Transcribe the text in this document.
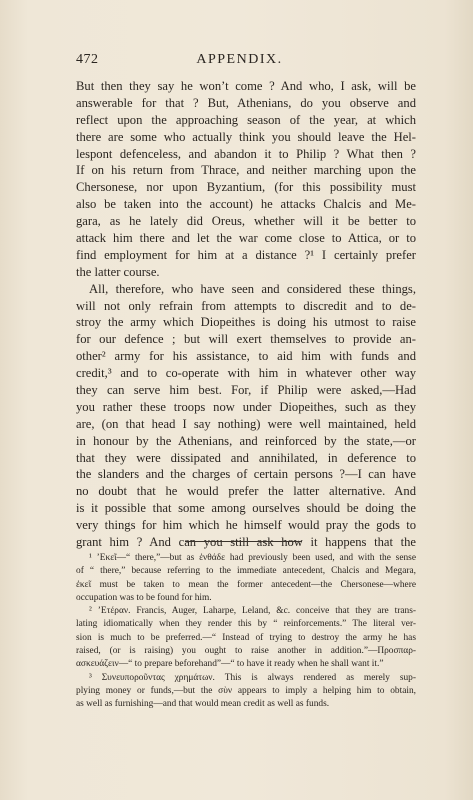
472	APPENDIX.
But then they say he won’t come ? And who, I ask, will be
answerable for that ? But, Athenians, do you observe and
reflect upon the approaching season of the year, at which
there are some who actually think you should leave the Hel-
lespont defenceless, and abandon it to Philip ? What then ?
If on his return from Thrace, and neither marching upon the
Chersonese, nor upon Byzantium, (for this possibility must
also be taken into the account) he attacks Chalcis and Me-
gara, as he lately did Oreus, whether will it be better to
attack him there and let the war come close to Attica, or to
find employment for him at a distance ?¹ I certainly prefer
the latter course.
All, therefore, who have seen and considered these things,
will not only refrain from attempts to discredit and to de-
stroy the army which Diopeithes is doing his utmost to raise
for our defence ; but will exert themselves to provide an-
other² army for his assistance, to aid him with funds and
credit,³ and to co-operate with him in whatever other way
they can serve him best. For, if Philip were asked,—Had
you rather these troops now under Diopeithes, such as they
are, (on that head I say nothing) were well maintained, held
in honour by the Athenians, and reinforced by the state,—or
that they were dissipated and annihilated, in deference to
the slanders and the charges of certain persons ?—I can have
no doubt that he would prefer the latter alternative. And
is it possible that some among ourselves should be doing the
very things for him which he himself would pray the gods to
grant him ? And can you still ask how it happens that the
¹ ’Εκεῖ—“ there,”—but as ἐνθάδε had previously been used, and with the sense
of “ there,” because referring to the immediate antecedent, Chalcis and Megara,
ἐκεῖ must be taken to mean the former antecedent—the Chersonese—where
occupation was to be found for him.
² ’Ετέραν. Francis, Auger, Laharpe, Leland, &c. conceive that they are trans-
lating idiomatically when they render this by “ reinforcements.” The literal ver-
sion is much to be preferred.—“ Instead of trying to destroy the army he has
raised, (or is raising) you ought to raise another in addition.”—Προσπαρ-
ασκευάζειν—“ to prepare beforehand”—“ to have it ready when he shall want it.”
³ Συνευποροῦντας χρημάτων. This is always rendered as merely sup-
plying money or funds,—but the σὺν appears to imply a helping him to obtain,
as well as furnishing—and that would mean credit as well as funds.
